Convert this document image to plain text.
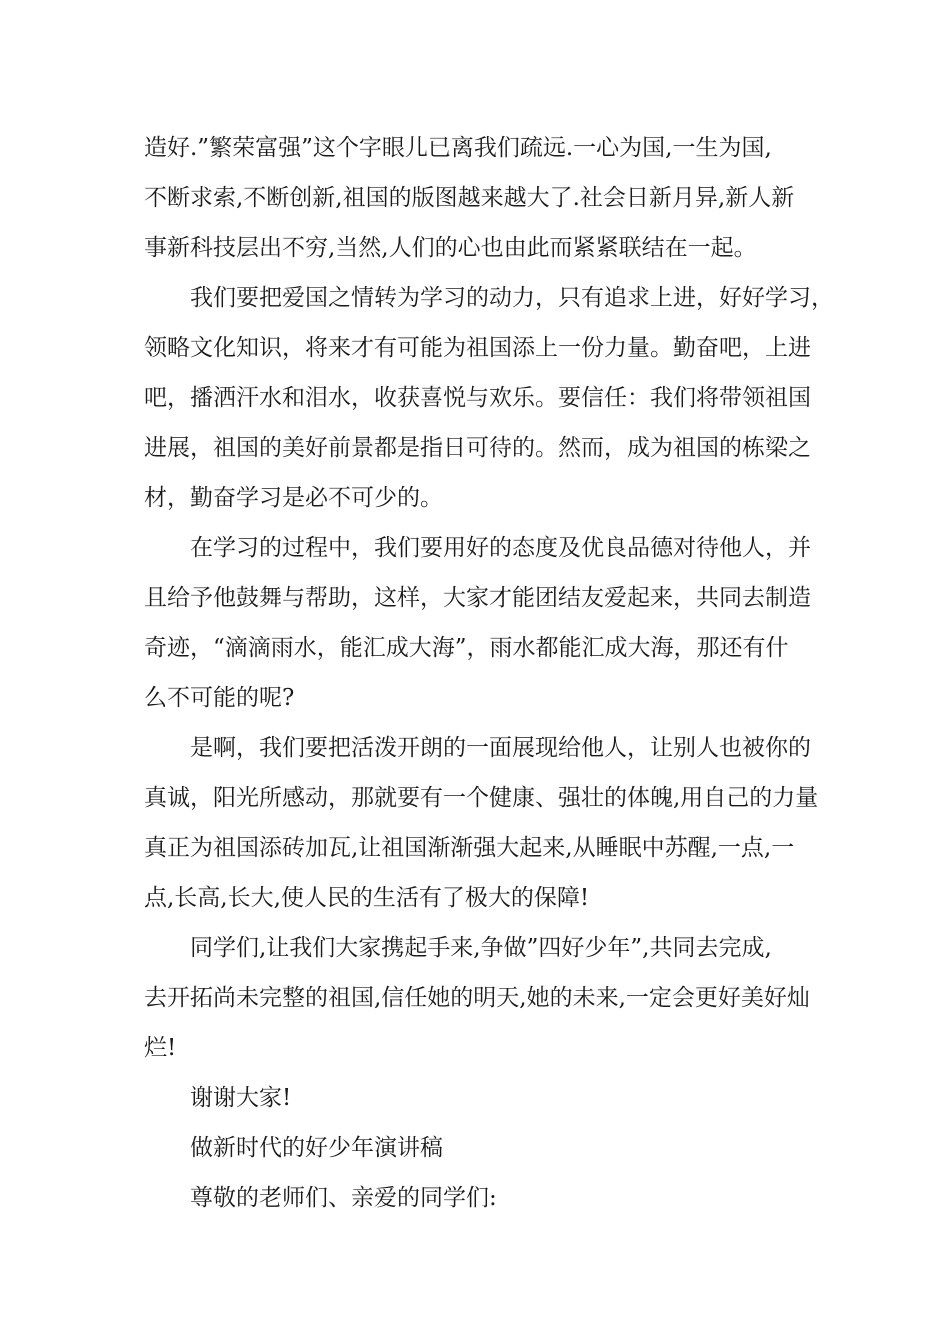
造好.”繁荣富强”这个字眼儿已离我们疏远.一心为国,一生为国,
不断求索,不断创新,祖国的版图越来越大了.社会日新月异,新人新
事新科技层出不穷,当然,人们的心也由此而紧紧联结在一起。
我们要把爱国之情转为学习的动力，只有追求上进，好好学习，
领略文化知识，将来才有可能为祖国添上一份力量。勤奋吧，上进
吧，播洒汗水和泪水，收获喜悦与欢乐。要信任：我们将带领祖国
进展，祖国的美好前景都是指日可待的。然而，成为祖国的栋梁之
材，勤奋学习是必不可少的。
在学习的过程中，我们要用好的态度及优良品德对待他人，并
且给予他鼓舞与帮助，这样，大家才能团结友爱起来，共同去制造
奇迹，“滴滴雨水，能汇成大海”，雨水都能汇成大海，那还有什
么不可能的呢?
是啊，我们要把活泼开朗的一面展现给他人，让别人也被你的
真诚，阳光所感动，那就要有一个健康、强壮的体魄,用自己的力量
真正为祖国添砖加瓦,让祖国渐渐强大起来,从睡眠中苏醒,一点,一
点,长高,长大,使人民的生活有了极大的保障!
同学们,让我们大家携起手来,争做”四好少年”,共同去完成,
去开拓尚未完整的祖国,信任她的明天,她的未来,一定会更好美好灿
烂!
谢谢大家!
做新时代的好少年演讲稿
尊敬的老师们、亲爱的同学们:
